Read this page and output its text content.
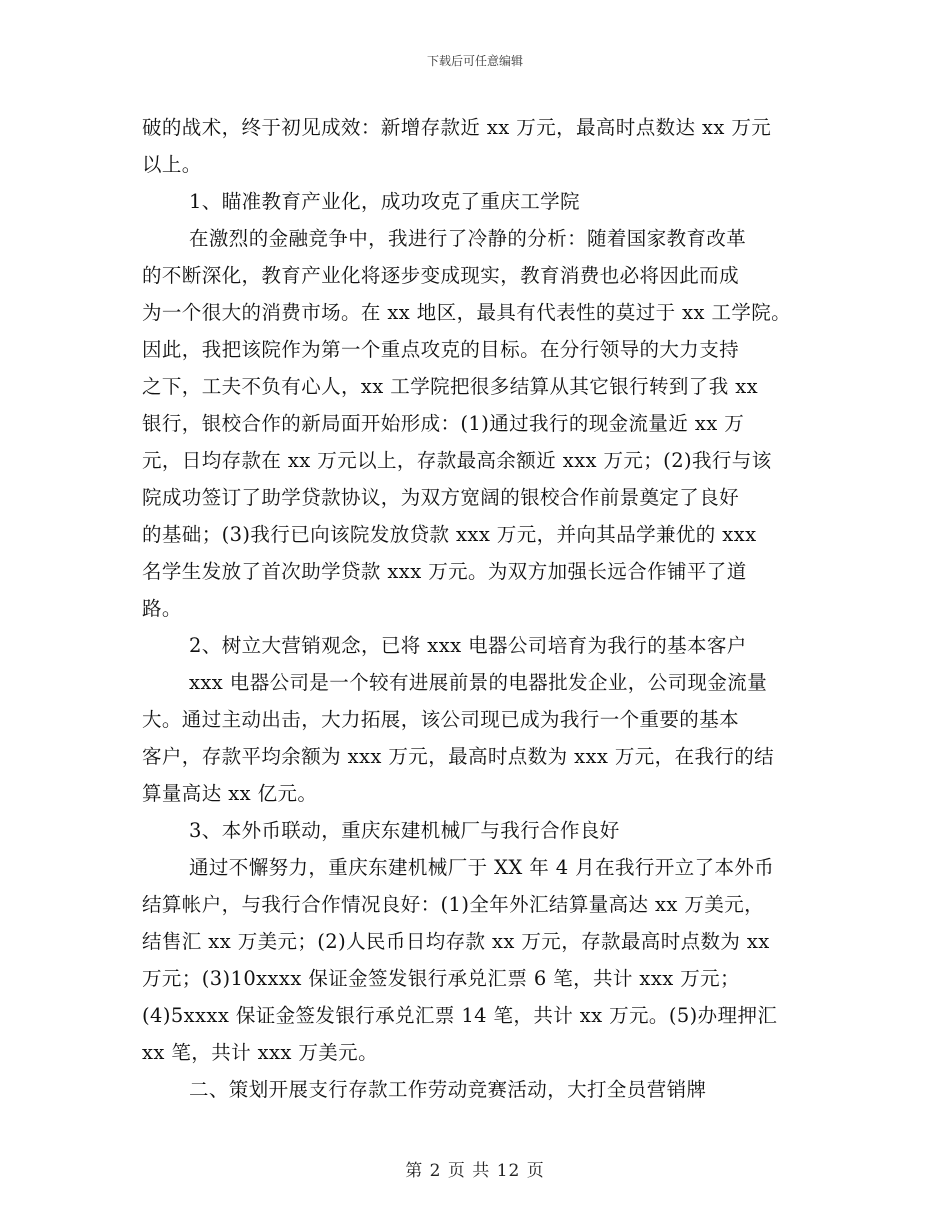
下载后可任意编辑
破的战术，终于初见成效：新增存款近 xx 万元，最高时点数达 xx 万元
以上。
1、瞄准教育产业化，成功攻克了重庆工学院
在激烈的金融竞争中，我进行了冷静的分析：随着国家教育改革
的不断深化，教育产业化将逐步变成现实，教育消费也必将因此而成
为一个很大的消费市场。在 xx 地区，最具有代表性的莫过于 xx 工学院。
因此，我把该院作为第一个重点攻克的目标。在分行领导的大力支持
之下，工夫不负有心人，xx 工学院把很多结算从其它银行转到了我 xx
银行，银校合作的新局面开始形成：(1)通过我行的现金流量近 xx 万
元，日均存款在 xx 万元以上，存款最高余额近 xxx 万元；(2)我行与该
院成功签订了助学贷款协议，为双方宽阔的银校合作前景奠定了良好
的基础；(3)我行已向该院发放贷款 xxx 万元，并向其品学兼优的 xxx
名学生发放了首次助学贷款 xxx 万元。为双方加强长远合作铺平了道
路。
2、树立大营销观念，已将 xxx 电器公司培育为我行的基本客户
xxx 电器公司是一个较有进展前景的电器批发企业，公司现金流量
大。通过主动出击，大力拓展，该公司现已成为我行一个重要的基本
客户，存款平均余额为 xxx 万元，最高时点数为 xxx 万元，在我行的结
算量高达 xx 亿元。
3、本外币联动，重庆东建机械厂与我行合作良好
通过不懈努力，重庆东建机械厂于 XX 年 4 月在我行开立了本外币
结算帐户，与我行合作情况良好：(1)全年外汇结算量高达 xx 万美元，
结售汇 xx 万美元；(2)人民币日均存款 xx 万元，存款最高时点数为 xx
万元；(3)10xxxx 保证金签发银行承兑汇票 6 笔，共计 xxx 万元；
(4)5xxxx 保证金签发银行承兑汇票 14 笔，共计 xx 万元。(5)办理押汇
xx 笔，共计 xxx 万美元。
二、策划开展支行存款工作劳动竞赛活动，大打全员营销牌
第 2 页 共 12 页
